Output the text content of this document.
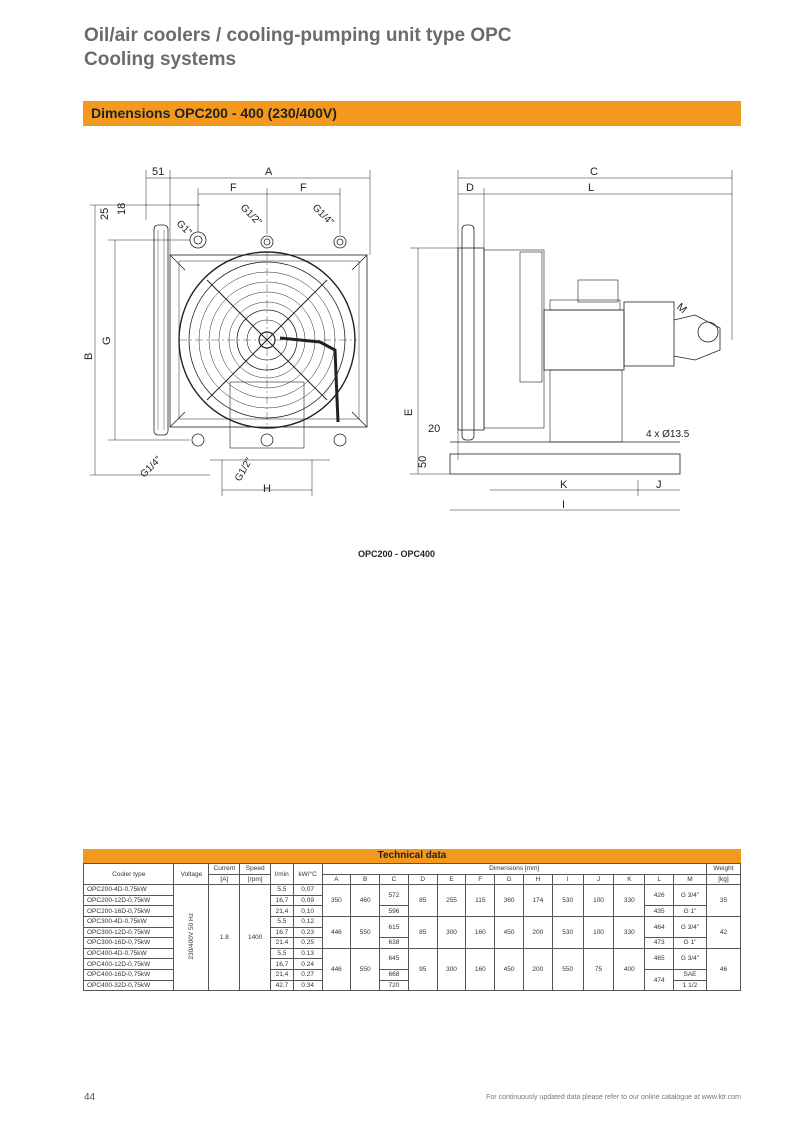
Oil/air coolers / cooling-pumping unit type OPC
Cooling systems
Dimensions OPC200 - 400 (230/400V)
51	A
F	F
25 18
B
G
H
G1"
G1/2"	G1/4"
G1/4"	G1/2"
C
D	L
M
E
20
50
4 x Ø13.5
K	J
I
OPC200 - OPC400
Technical data
Cooler type	Voltage	Current	Speed	l/min	kW/°C	Dimensions [mm]													Weight
		[A]	[rpm]			A	B	C	D	E	F	G	H	I	J	K	L	M	[kg]
OPC200-4D-0,75kW	230/400V 50 Hz	1.8	1400	5,5	0,07	350	460	572	85	255	115	360	174	530	100	330	426	G 3/4"	35
OPC200-12D-0,75kW				16,7	0,09														
OPC200-16D-0,75kW				21,4	0,10			596									435	G 1"	
OPC300-4D-0,75kW				5,5	0,12	446	550	615	85	300	160	450	200	530	100	330	464	G 3/4"	42
OPC300-12D-0.75kW				16.7	0.23														
OPC300-16D-0,75kW				21.4	0.25			638									473	G 1"	
OPC400-4D-0,75kW				5,5	0.13	446	550	645	95	300	160	450	200	550	75	400	465	G 3/4"	46
OPC400-12D-0,75kW				16,7	0.24														
OPC400-16D-0,75kW				21,4	0.27			668									474	SAE	
OPC400-32D-0,75kW				42.7	0.34			720										1 1/2	
44	For continuously updated data please refer to our online catalogue at www.ktr.com
